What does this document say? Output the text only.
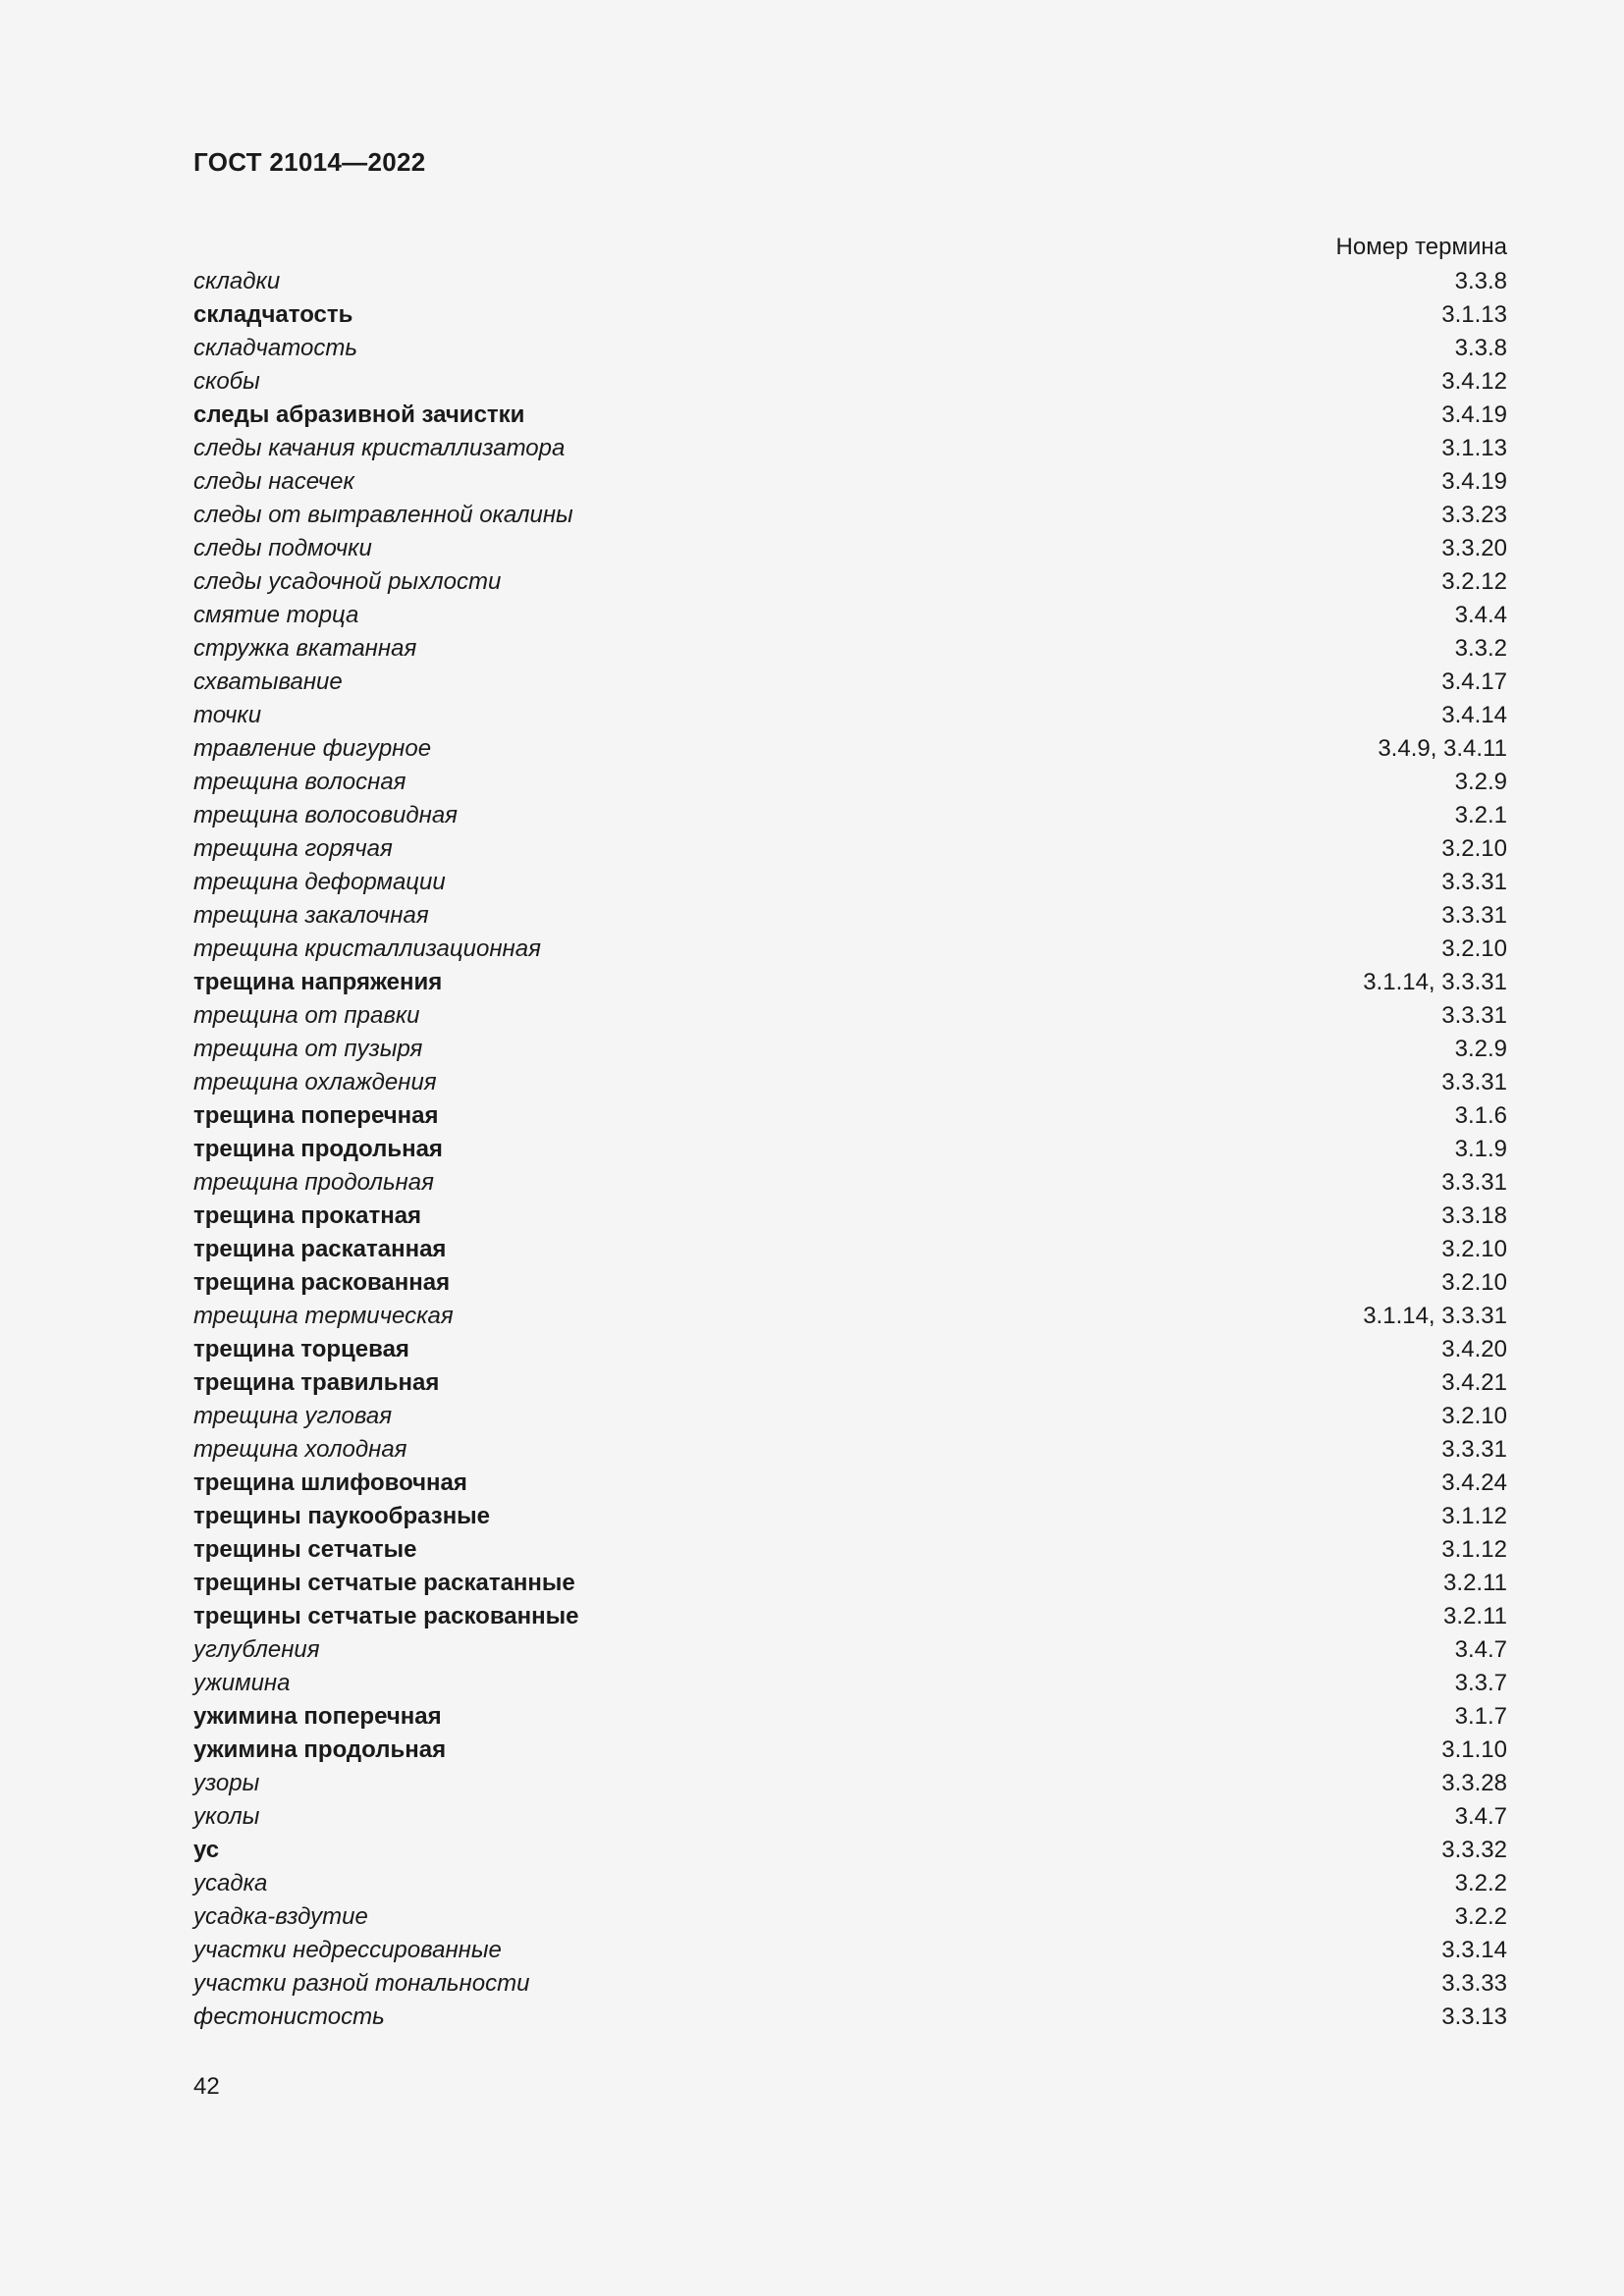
ГОСТ 21014—2022
Номер термина
складки	3.3.8
складчатость	3.1.13
складчатость	3.3.8
скобы	3.4.12
следы абразивной зачистки	3.4.19
следы качания кристаллизатора	3.1.13
следы насечек	3.4.19
следы от вытравленной окалины	3.3.23
следы подмочки	3.3.20
следы усадочной рыхлости	3.2.12
смятие торца	3.4.4
стружка вкатанная	3.3.2
схватывание	3.4.17
точки	3.4.14
травление фигурное	3.4.9, 3.4.11
трещина волосная	3.2.9
трещина волосовидная	3.2.1
трещина горячая	3.2.10
трещина деформации	3.3.31
трещина закалочная	3.3.31
трещина кристаллизационная	3.2.10
трещина напряжения	3.1.14, 3.3.31
трещина от правки	3.3.31
трещина от пузыря	3.2.9
трещина охлаждения	3.3.31
трещина поперечная	3.1.6
трещина продольная	3.1.9
трещина продольная	3.3.31
трещина прокатная	3.3.18
трещина раскатанная	3.2.10
трещина раскованная	3.2.10
трещина термическая	3.1.14, 3.3.31
трещина торцевая	3.4.20
трещина травильная	3.4.21
трещина угловая	3.2.10
трещина холодная	3.3.31
трещина шлифовочная	3.4.24
трещины паукообразные	3.1.12
трещины сетчатые	3.1.12
трещины сетчатые раскатанные	3.2.11
трещины сетчатые раскованные	3.2.11
углубления	3.4.7
ужимина	3.3.7
ужимина поперечная	3.1.7
ужимина продольная	3.1.10
узоры	3.3.28
уколы	3.4.7
ус	3.3.32
усадка	3.2.2
усадка-вздутие	3.2.2
участки недрессированные	3.3.14
участки разной тональности	3.3.33
фестонистость	3.3.13
42
